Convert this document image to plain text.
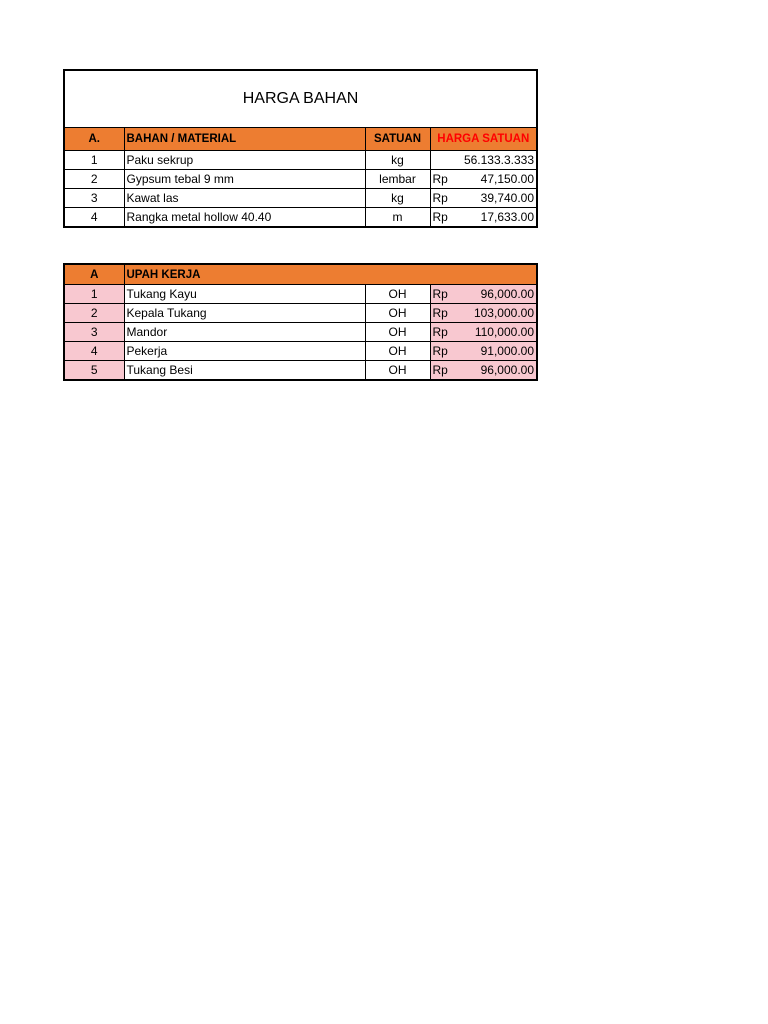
HARGA BAHAN			
A.	BAHAN / MATERIAL	SATUAN	HARGA SATUAN
1	Paku sekrup	kg	56.133.3.333
2	Gypsum tebal 9 mm	lembar	Rp 47,150.00

3	Kawat las	kg	Rp 39,740.00

4	Rangka metal hollow 40.40	m	Rp 17,633.00
A	UPAH KERJA		
1	Tukang Kayu	OH	Rp 96,000.00

2	Kepala Tukang	OH	Rp 103,000.00

3	Mandor	OH	Rp 110,000.00

4	Pekerja	OH	Rp 91,000.00

5	Tukang Besi	OH	Rp 96,000.00
